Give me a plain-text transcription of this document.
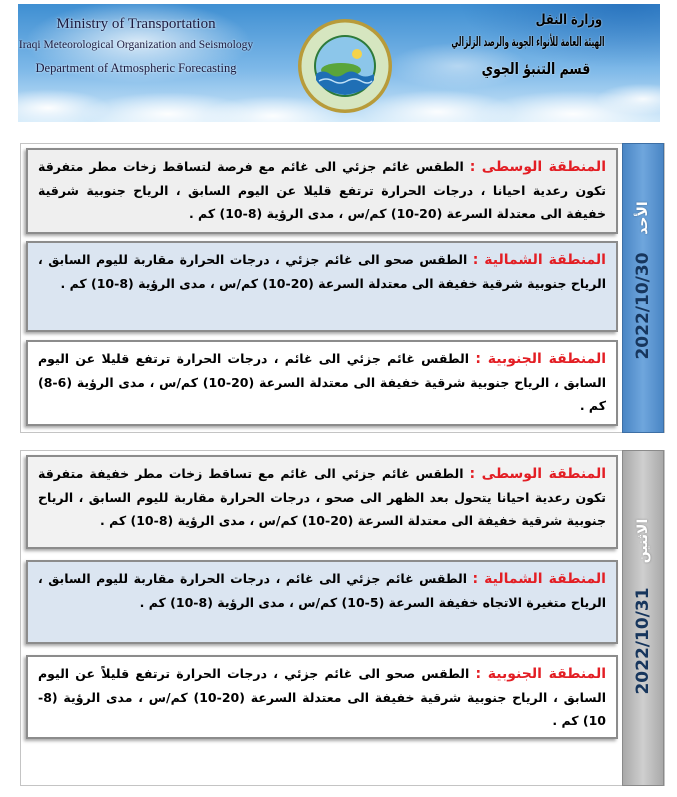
Ministry of Transportation
Iraqi Meteorological Organization and Seismology
Department of Atmospheric Forecasting
وزارة النقل
الهيئة العامة للأنواء الجوية والرصد الزلزالي
قسم التنبؤ الجوي
الأحد
2022/10/30

المنطقة الوسطى : الطقس غائم جزئي الى غائم مع فرصة لتساقط زخات مطر متفرقة تكون رعدية احيانا ، درجات الحرارة ترتفع قليلا عن اليوم السابق ، الرياح جنوبية شرقية خفيفة الى معتدلة السرعة (20-10) كم/س ، مدى الرؤية (8-10) كم .

المنطقة الشمالية : الطقس صحو الى غائم جزئي ، درجات الحرارة مقاربة لليوم السابق ، الرياح جنوبية شرقية خفيفة الى معتدلة السرعة (20-10) كم/س ، مدى الرؤية (8-10) كم .

المنطقة الجنوبية : الطقس غائم جزئي الى غائم ، درجات الحرارة ترتفع قليلا عن اليوم السابق ، الرياح جنوبية شرقية خفيفة الى معتدلة السرعة (20-10) كم/س ، مدى الرؤية (6-8) كم .

الاثنين
2022/10/31

المنطقة الوسطى : الطقس غائم جزئي الى غائم مع تساقط زخات مطر خفيفة متفرقة تكون رعدية احيانا يتحول بعد الظهر الى صحو ، درجات الحرارة مقاربة لليوم السابق ، الرياح جنوبية شرقية خفيفة الى معتدلة السرعة (20-10) كم/س ، مدى الرؤية (8-10) كم .

المنطقة الشمالية : الطقس غائم جزئي الى غائم ، درجات الحرارة مقاربة لليوم السابق ، الرياح متغيرة الاتجاه خفيفة السرعة (5-10) كم/س ، مدى الرؤية (8-10) كم .

المنطقة الجنوبية : الطقس صحو الى غائم جزئي ، درجات الحرارة ترتفع قليلاً عن اليوم السابق ، الرياح جنوبية شرقية خفيفة الى معتدلة السرعة (20-10) كم/س ، مدى الرؤية (8-10) كم .
